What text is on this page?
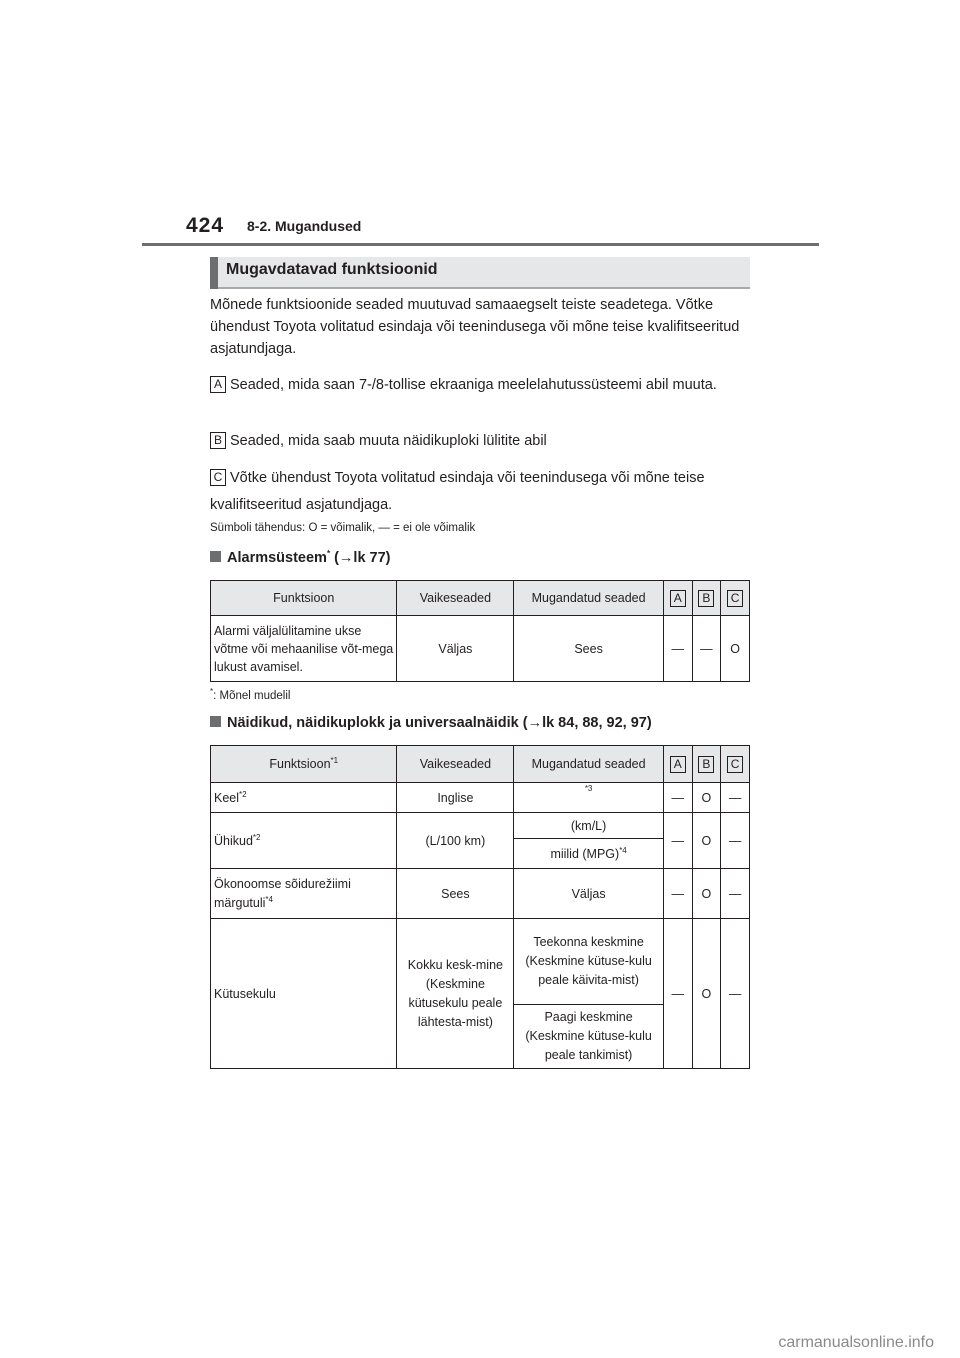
424 8-2. Mugandused
Mugavdatavad funktsioonid
Mõnede funktsioonide seaded muutuvad samaaegselt teiste seadetega. Võtke ühendust Toyota volitatud esindaja või teenindusega või mõne teise kvalifitseeritud asjatundjaga.
A Seaded, mida saan 7-/8-tollise ekraaniga meelelahutussüsteemi abil muuta.
B Seaded, mida saab muuta näidikuploki lülitite abil
C Võtke ühendust Toyota volitatud esindaja või teenindusega või mõne teise kvalifitseeritud asjatundjaga.
Sümboli tähendus: O = võimalik, — = ei ole võimalik
Alarmsüsteem* (→lk 77)
Funktsioon	Vaikeseaded	Mugandatud seaded	A	B	C
Alarmi väljalülitamine ukse võtme või mehaanilise võt-mega lukust avamisel.	Väljas	Sees	—	—	O
*: Mõnel mudelil
Näidikud, näidikuplokk ja universaalnäidik (→lk 84, 88, 92, 97)
Funktsioon$^{*1}$	Vaikeseaded	Mugandatud seaded	A	B	C
Keel$^{*2}$	Inglise	$^{*3}$	—	O	—
Ühikud$^{*2}$	(L/100 km)	(km/L)	—	O	—
		miilid (MPG)$^{*4}$
Ökonoomse sõidurežiimi
märgutuli$^{*4}$	Sees	Väljas	—	O	—
Kütusekulu	Kokku kesk-mine (Keskmine kütusekulu peale lähtesta-mist)	Teekonna keskmine (Keskmine kütuse-kulu peale käivita-mist)	—	O	—
		Paagi keskmine (Keskmine kütuse-kulu peale tankimist)			
carmanualsonline.info
